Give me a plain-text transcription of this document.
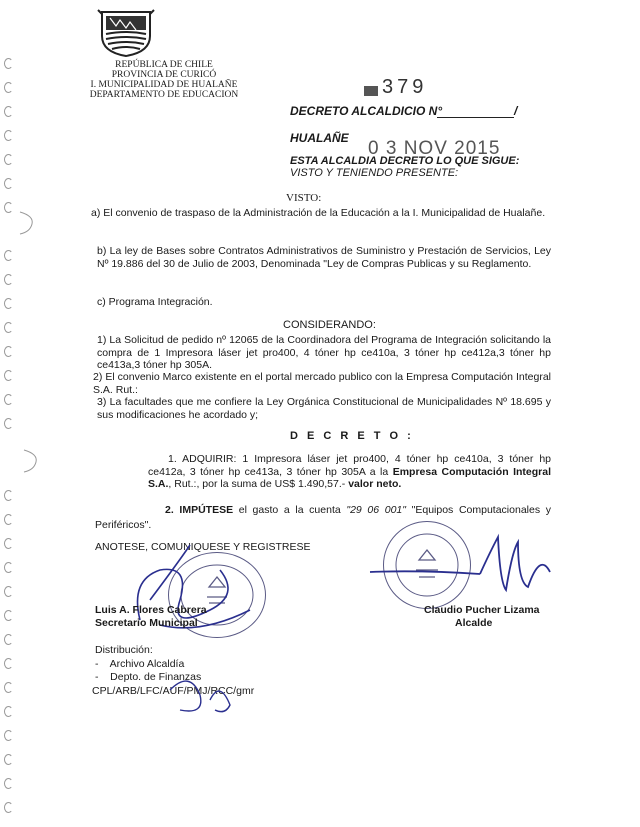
REPÚBLICA DE CHILE
PROVINCIA DE CURICÓ
I. MUNICIPALIDAD DE HUALAÑE
DEPARTAMENTO DE EDUCACION	379
DECRETO ALCALDICIO N°	/
HUALAÑE 0 3 NOV 2015
ESTA ALCALDIA DECRETO LO QUE SIGUE:
VISTO Y TENIENDO PRESENTE:
VISTO:
a) El convenio de traspaso de la Administración de la Educación a la I. Municipalidad de Hualañe.
b) La ley de Bases sobre Contratos Administrativos de Suministro y Prestación de Servicios, Ley Nº 19.886 del 30 de Julio de 2003, Denominada "Ley de Compras Publicas y su Reglamento.
c) Programa Integración.
CONSIDERANDO:
1) La Solicitud de pedido nº 12065 de la Coordinadora del Programa de Integración solicitando la compra de 1 Impresora láser jet pro400, 4 tóner hp ce410a, 3 tóner hp ce412a,3 tóner hp ce413a,3 tóner hp 305A.
2) El convenio Marco existente en el portal mercado publico con la Empresa Computación Integral S.A. Rut.:
3) La facultades que me confiere la Ley Orgánica Constitucional de Municipalidades Nº 18.695 y sus modificaciones he acordado y;
D E C R E T O :
1. ADQUIRIR: 1 Impresora láser jet pro400, 4 tóner hp ce410a, 3 tóner hp ce412a, 3 tóner hp ce413a, 3 tóner hp 305A a la Empresa Computación Integral S.A., Rut.:, por la suma de US$ 1.490,57.- valor neto.
2. IMPÚTESE el gasto a la cuenta "29 06 001" "Equipos Computacionales y Periféricos".
ANOTESE, COMUNIQUESE Y REGISTRESE
Luis A. Flores Cabrera
Secretario Municipal
Claudio Pucher Lizama
Alcalde
Distribución:
-    Archivo Alcaldía
-    Depto. de Finanzas
CPL/ARB/LFC/AUF/PMJ/RCC/gmr
